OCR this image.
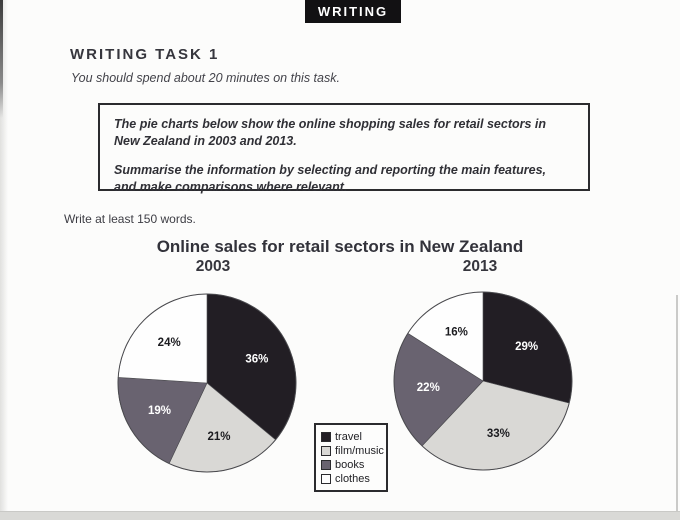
WRITING
WRITING TASK 1

You should spend about 20 minutes on this task.

The pie charts below show the online shopping sales for retail sectors in New Zealand in 2003 and 2013.

Summarise the information by selecting and reporting the main features, and make comparisons where relevant.

Write at least 150 words.

Online sales for retail sectors in New Zealand
2003	2013
36%
21%
19%
24%	29%
33%
22%
16%
travel
film/music
books
clothes
